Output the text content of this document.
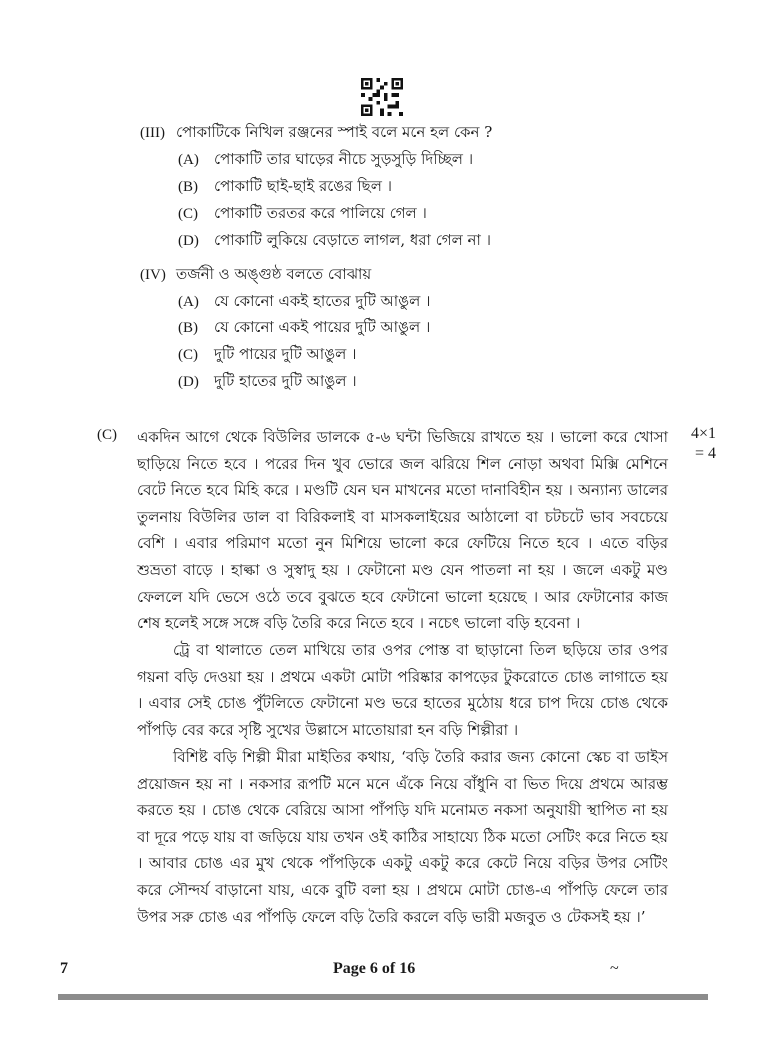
(III) পোকাটিকে নিখিল রঞ্জনের স্পাই বলে মনে হল কেন ?
(A) পোকাটি তার ঘাড়ের নীচে সুড়সুড়ি দিচ্ছিল ।
(B) পোকাটি ছাই-ছাই রঙের ছিল ।
(C) পোকাটি তরতর করে পালিয়ে গেল ।
(D) পোকাটি লুকিয়ে বেড়াতে লাগল, ধরা গেল না ।
(IV) তর্জনী ও অঙ্গুষ্ঠ বলতে বোঝায়
(A) যে কোনো একই হাতের দুটি আঙুল ।
(B) যে কোনো একই পায়ের দুটি আঙুল ।
(C) দুটি পায়ের দুটি আঙুল ।
(D) দুটি হাতের দুটি আঙুল ।
(C)	4×1
= 4
একদিন আগে থেকে বিউলির ডালকে ৫-৬ ঘন্টা ভিজিয়ে রাখতে হয় । ভালো করে খোসা ছাড়িয়ে নিতে হবে । পরের দিন খুব ভোরে জল ঝরিয়ে শিল নোড়া অথবা মিক্সি মেশিনে বেটে নিতে হবে মিহি করে । মণ্ডটি যেন ঘন মাখনের মতো দানাবিহীন হয় । অন্যান্য ডালের তুলনায় বিউলির ডাল বা বিরিকলাই বা মাসকলাইয়ের আঠালো বা চটচটে ভাব সবচেয়ে বেশি । এবার পরিমাণ মতো নুন মিশিয়ে ভালো করে ফেটিয়ে নিতে হবে । এতে বড়ির শুভ্রতা বাড়ে । হাল্কা ও সুস্বাদু হয় । ফেটানো মণ্ড যেন পাতলা না হয় । জলে একটু মণ্ড ফেললে যদি ভেসে ওঠে তবে বুঝতে হবে ফেটানো ভালো হয়েছে । আর ফেটানোর কাজ শেষ হলেই সঙ্গে সঙ্গে বড়ি তৈরি করে নিতে হবে । নচেৎ ভালো বড়ি হবেনা ।
ট্রে বা থালাতে তেল মাখিয়ে তার ওপর পোস্ত বা ছাড়ানো তিল ছড়িয়ে তার ওপর গয়না বড়ি দেওয়া হয় । প্রথমে একটা মোটা পরিষ্কার কাপড়ের টুকরোতে চোঙ লাগাতে হয় । এবার সেই চোঙ পুঁটলিতে ফেটানো মণ্ড ভরে হাতের মুঠোয় ধরে চাপ দিয়ে চোঙ থেকে পাঁপড়ি বের করে সৃষ্টি সুখের উল্লাসে মাতোয়ারা হন বড়ি শিল্পীরা ।
বিশিষ্ট বড়ি শিল্পী মীরা মাইতির কথায়, ‘বড়ি তৈরি করার জন্য কোনো স্কেচ বা ডাইস প্রয়োজন হয় না । নকসার রূপটি মনে মনে এঁকে নিয়ে বাঁধুনি বা ভিত দিয়ে প্রথমে আরম্ভ করতে হয় । চোঙ থেকে বেরিয়ে আসা পাঁপড়ি যদি মনোমত নকসা অনুযায়ী স্থাপিত না হয় বা দূরে পড়ে যায় বা জড়িয়ে যায় তখন ওই কাঠির সাহায্যে ঠিক মতো সেটিং করে নিতে হয় । আবার চোঙ এর মুখ থেকে পাঁপড়িকে একটু একটু করে কেটে নিয়ে বড়ির উপর সেটিং করে সৌন্দর্য বাড়ানো যায়, একে বুটি বলা হয় । প্রথমে মোটা চোঙ-এ পাঁপড়ি ফেলে তার উপর সরু চোঙ এর পাঁপড়ি ফেলে বড়ি তৈরি করলে বড়ি ভারী মজবুত ও টেকসই হয় ।’
7	Page 6 of 16	~
